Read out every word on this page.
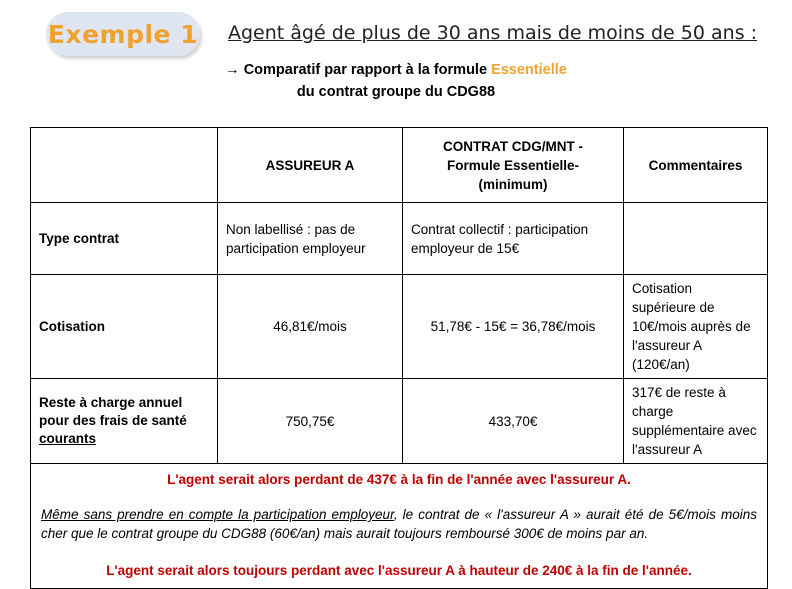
Exemple 1 Agent âgé de plus de 30 ans mais de moins de 50 ans :
→ Comparatif par rapport à la formule Essentielle
du contrat groupe du CDG88
	ASSUREUR A	CONTRAT CDG/MNT -Formule Essentielle- (minimum)	Commentaires
Type contrat	Non labellisé : pas de participation employeur	Contrat collectif : participation employeur de 15€	
Cotisation	46,81€/mois	51,78€ - 15€ = 36,78€/mois	Cotisation supérieure de 10€/mois auprès de l'assureur A (120€/an)
Reste à charge annuel pour des frais de santé courants	750,75€	433,70€	317€ de reste à charge supplémentaire avec l'assureur A

L'agent serait alors perdant de 437€ à la fin de l'année avec l'assureur A.
Même sans prendre en compte la participation employeur, le contrat de « l'assureur A » aurait été de 5€/mois moins cher que le contrat groupe du CDG88 (60€/an) mais aurait toujours remboursé 300€ de moins par an.
L'agent serait alors toujours perdant avec l'assureur A à hauteur de 240€ à la fin de l'année.			
